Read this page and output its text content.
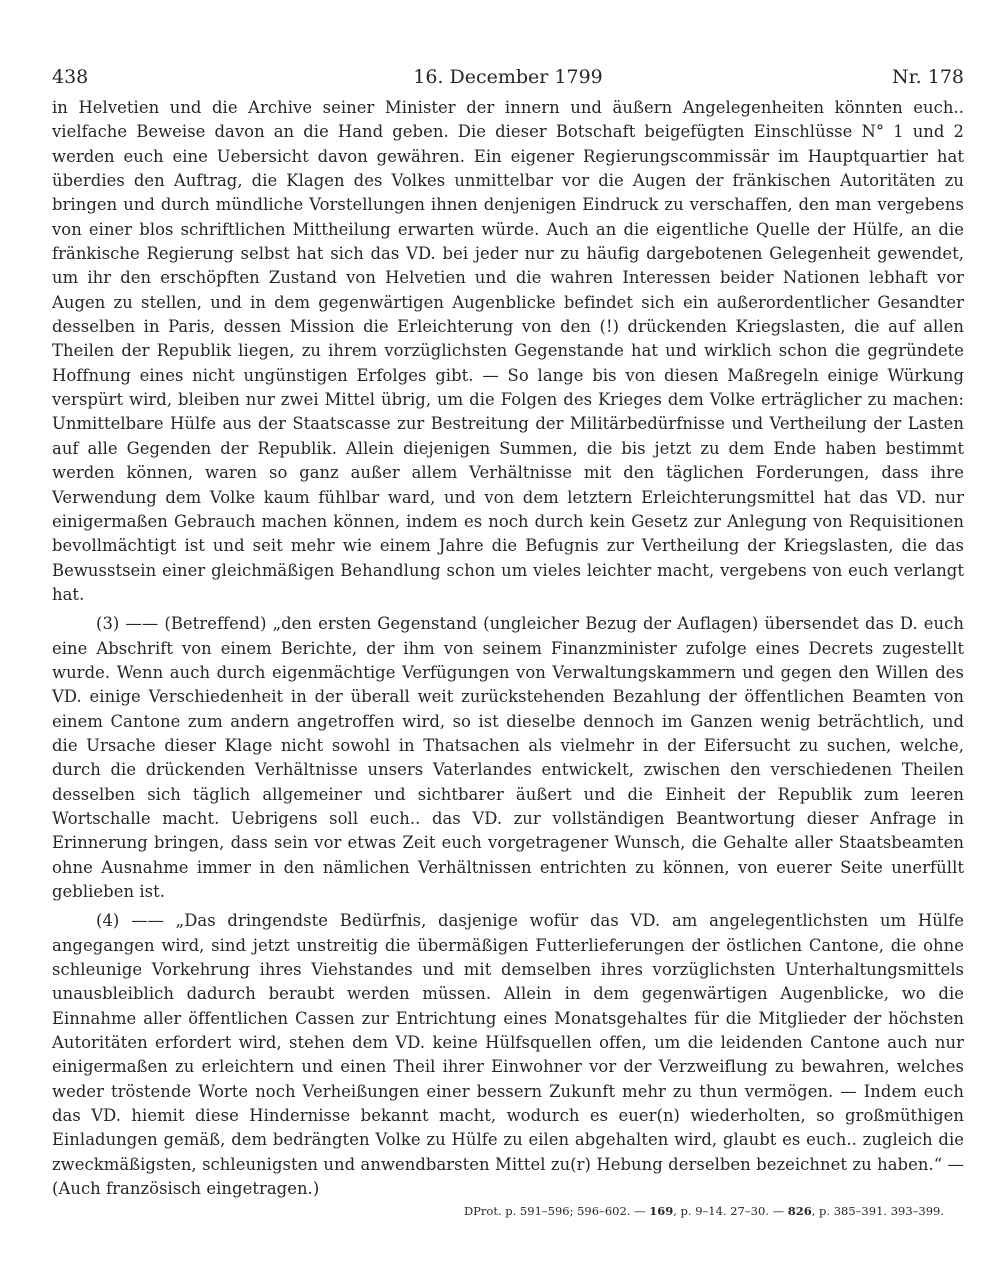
438	16. December 1799	Nr. 178

in Helvetien und die Archive seiner Minister der innern und äußern Angelegenheiten könnten euch.. vielfache Beweise davon an die Hand geben. Die dieser Botschaft beigefügten Einschlüsse N° 1 und 2 werden euch eine Uebersicht davon gewähren. Ein eigener Regierungscommissär im Hauptquartier hat überdies den Auftrag, die Klagen des Volkes unmittelbar vor die Augen der fränkischen Autoritäten zu bringen und durch mündliche Vorstellungen ihnen denjenigen Eindruck zu verschaffen, den man vergebens von einer blos schriftlichen Mittheilung erwarten würde. Auch an die eigentliche Quelle der Hülfe, an die fränkische Regierung selbst hat sich das VD. bei jeder nur zu häufig dargebotenen Gelegenheit gewendet, um ihr den erschöpften Zustand von Helvetien und die wahren Interessen beider Nationen lebhaft vor Augen zu stellen, und in dem gegenwärtigen Augenblicke befindet sich ein außerordentlicher Gesandter desselben in Paris, dessen Mission die Erleichterung von den (!) drückenden Kriegslasten, die auf allen Theilen der Republik liegen, zu ihrem vorzüglichsten Gegenstande hat und wirklich schon die gegründete Hoffnung eines nicht ungünstigen Erfolges gibt. — So lange bis von diesen Maßregeln einige Würkung verspürt wird, bleiben nur zwei Mittel übrig, um die Folgen des Krieges dem Volke erträglicher zu machen: Unmittelbare Hülfe aus der Staatscasse zur Bestreitung der Militärbedürfnisse und Vertheilung der Lasten auf alle Gegenden der Republik. Allein diejenigen Summen, die bis jetzt zu dem Ende haben bestimmt werden können, waren so ganz außer allem Verhältnisse mit den täglichen Forderungen, dass ihre Verwendung dem Volke kaum fühlbar ward, und von dem letztern Erleichterungsmittel hat das VD. nur einigermaßen Gebrauch machen können, indem es noch durch kein Gesetz zur Anlegung von Requisitionen bevollmächtigt ist und seit mehr wie einem Jahre die Befugnis zur Vertheilung der Kriegslasten, die das Bewusstsein einer gleichmäßigen Behandlung schon um vieles leichter macht, vergebens von euch verlangt hat.

(3) —— (Betreffend) „den ersten Gegenstand (ungleicher Bezug der Auflagen) übersendet das D. euch eine Abschrift von einem Berichte, der ihm von seinem Finanzminister zufolge eines Decrets zugestellt wurde. Wenn auch durch eigenmächtige Verfügungen von Verwaltungskammern und gegen den Willen des VD. einige Verschiedenheit in der überall weit zurückstehenden Bezahlung der öffentlichen Beamten von einem Cantone zum andern angetroffen wird, so ist dieselbe dennoch im Ganzen wenig beträchtlich, und die Ursache dieser Klage nicht sowohl in Thatsachen als vielmehr in der Eifersucht zu suchen, welche, durch die drückenden Verhältnisse unsers Vaterlandes entwickelt, zwischen den verschiedenen Theilen desselben sich täglich allgemeiner und sichtbarer äußert und die Einheit der Republik zum leeren Wortschalle macht. Uebrigens soll euch.. das VD. zur vollständigen Beantwortung dieser Anfrage in Erinnerung bringen, dass sein vor etwas Zeit euch vorgetragener Wunsch, die Gehalte aller Staatsbeamten ohne Ausnahme immer in den nämlichen Verhältnissen entrichten zu können, von euerer Seite unerfüllt geblieben ist.

(4) —— „Das dringendste Bedürfnis, dasjenige wofür das VD. am angelegentlichsten um Hülfe angegangen wird, sind jetzt unstreitig die übermäßigen Futterlieferungen der östlichen Cantone, die ohne schleunige Vorkehrung ihres Viehstandes und mit demselben ihres vorzüglichsten Unterhaltungsmittels unausbleiblich dadurch beraubt werden müssen. Allein in dem gegenwärtigen Augenblicke, wo die Einnahme aller öffentlichen Cassen zur Entrichtung eines Monatsgehaltes für die Mitglieder der höchsten Autoritäten erfordert wird, stehen dem VD. keine Hülfsquellen offen, um die leidenden Cantone auch nur einigermaßen zu erleichtern und einen Theil ihrer Einwohner vor der Verzweiflung zu bewahren, welches weder tröstende Worte noch Verheißungen einer bessern Zukunft mehr zu thun vermögen. — Indem euch das VD. hiemit diese Hindernisse bekannt macht, wodurch es euer(n) wiederholten, so großmüthigen Einladungen gemäß, dem bedrängten Volke zu Hülfe zu eilen abgehalten wird, glaubt es euch.. zugleich die zweckmäßigsten, schleunigsten und anwendbarsten Mittel zu(r) Hebung derselben bezeichnet zu haben.“ — (Auch französisch eingetragen.)

DProt. p. 591–596; 596–602. — 169, p. 9–14. 27–30. — 826, p. 385–391. 393–399.
